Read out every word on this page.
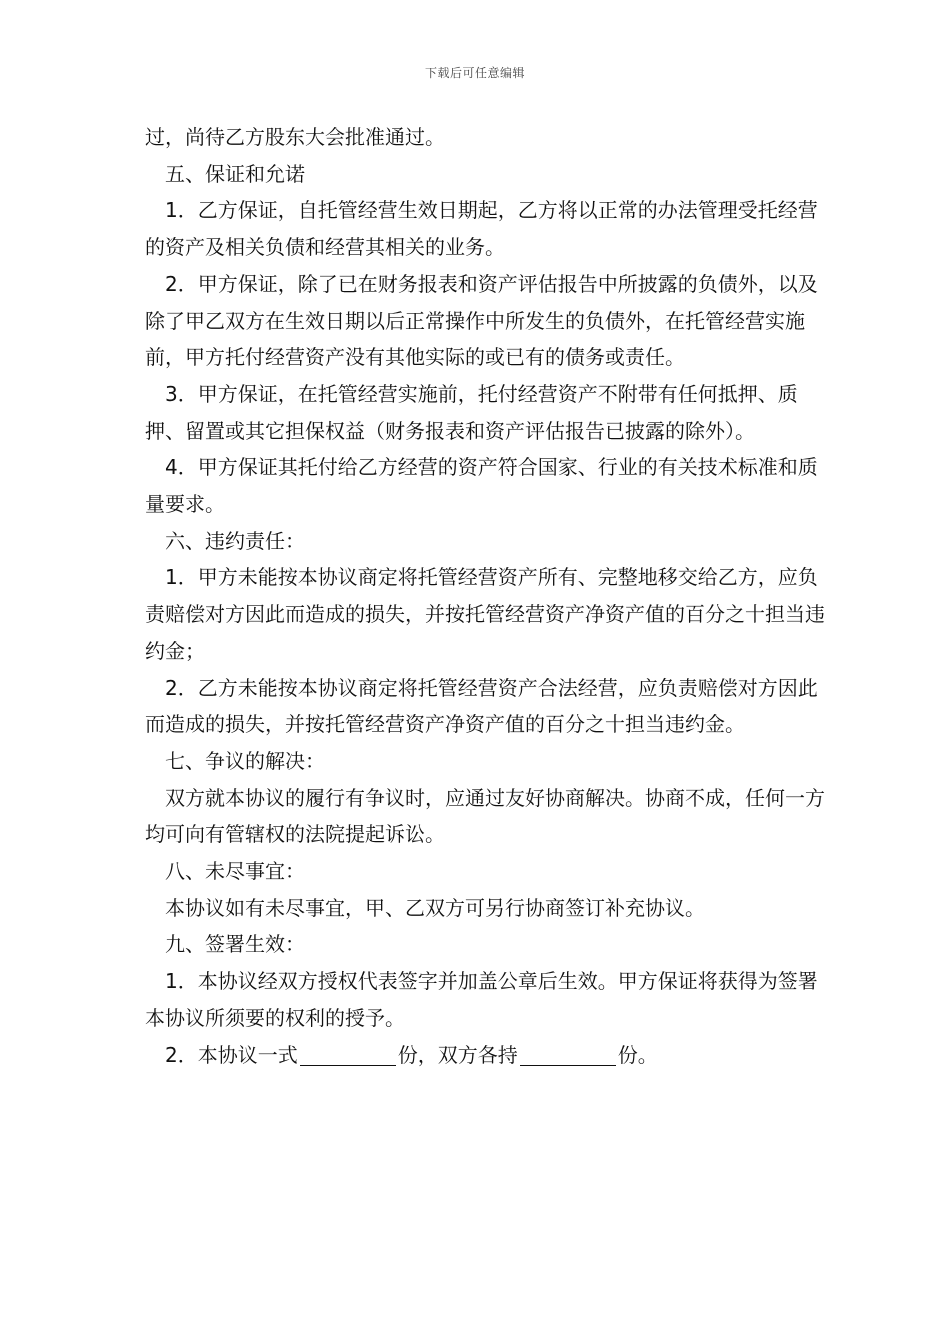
下载后可任意编辑

过，尚待乙方股东大会批准通过。

五、保证和允诺

1．乙方保证，自托管经营生效日期起，乙方将以正常的办法管理受托经营的资产及相关负债和经营其相关的业务。

2．甲方保证，除了已在财务报表和资产评估报告中所披露的负债外，以及除了甲乙双方在生效日期以后正常操作中所发生的负债外，在托管经营实施前，甲方托付经营资产没有其他实际的或已有的债务或责任。

3．甲方保证，在托管经营实施前，托付经营资产不附带有任何抵押、质押、留置或其它担保权益（财务报表和资产评估报告已披露的除外）。

4．甲方保证其托付给乙方经营的资产符合国家、行业的有关技术标准和质量要求。

六、违约责任：

1．甲方未能按本协议商定将托管经营资产所有、完整地移交给乙方，应负责赔偿对方因此而造成的损失，并按托管经营资产净资产值的百分之十担当违约金；

2．乙方未能按本协议商定将托管经营资产合法经营，应负责赔偿对方因此而造成的损失，并按托管经营资产净资产值的百分之十担当违约金。

七、争议的解决：

双方就本协议的履行有争议时，应通过友好协商解决。协商不成，任何一方均可向有管辖权的法院提起诉讼。

八、未尽事宜：

本协议如有未尽事宜，甲、乙双方可另行协商签订补充协议。

九、签署生效：

1．本协议经双方授权代表签字并加盖公章后生效。甲方保证将获得为签署本协议所须要的权利的授予。

2．本协议一式	份，双方各持	份。
